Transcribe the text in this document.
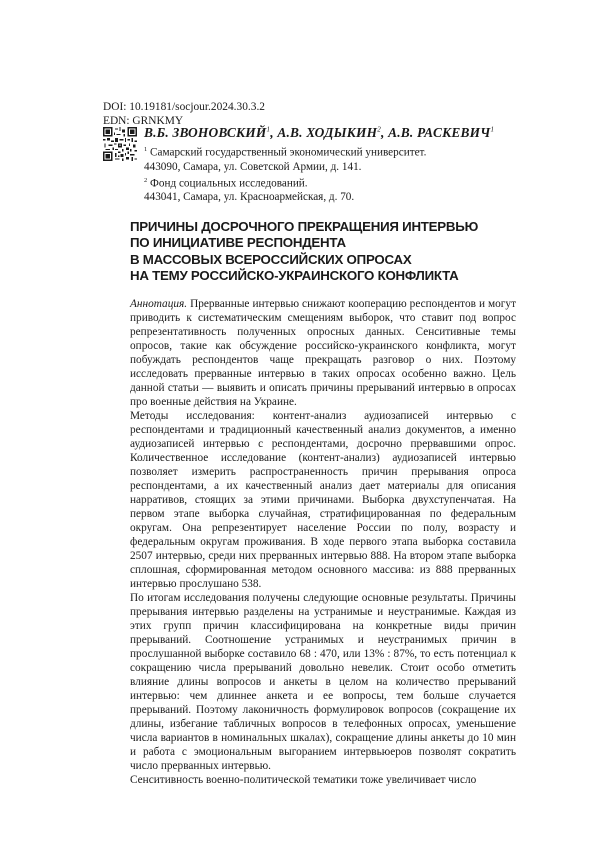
DOI: 10.19181/socjour.2024.30.3.2
EDN: GRNKMY
В.Б. ЗВОНОВСКИЙ$^1$, А.В. ХОДЫКИН$^2$, А.В. РАСКЕВИЧ$^1$

$^1$ Самарский государственный экономический университет.

443090, Самара, ул. Советской Армии, д. 141.

$^2$ Фонд социальных исследований.

443041, Самара, ул. Красноармейская, д. 70.

ПРИЧИНЫ ДОСРОЧНОГО ПРЕКРАЩЕНИЯ ИНТЕРВЬЮ
ПО ИНИЦИАТИВЕ РЕСПОНДЕНТА
В МАССОВЫХ ВСЕРОССИЙСКИХ ОПРОСАХ
НА ТЕМУ РОССИЙСКО-УКРАИНСКОГО КОНФЛИКТА

Аннотация. Прерванные интервью снижают кооперацию респондентов и могут приводить к систематическим смещениям выборок, что ставит под вопрос репрезентативность полученных опросных данных. Сенситивные темы опросов, такие как обсуждение российско-украинского конфликта, могут побуждать респондентов чаще прекращать разговор о них. Поэтому исследовать прерванные интервью в таких опросах особенно важно. Цель данной статьи — выявить и описать причины прерываний интервью в опросах про военные действия на Украине.

Методы исследования: контент-анализ аудиозаписей интервью с респондентами и традиционный качественный анализ документов, а именно аудиозаписей интервью с респондентами, досрочно прервавшими опрос. Количественное исследование (контент-анализ) аудиозаписей интервью позволяет измерить распространенность причин прерывания опроса респондентами, а их качественный анализ дает материалы для описания нарративов, стоящих за этими причинами. Выборка двухступенчатая. На первом этапе выборка случайная, стратифицированная по федеральным округам. Она репрезентирует население России по полу, возрасту и федеральным округам проживания. В ходе первого этапа выборка составила 2507 интервью, среди них прерванных интервью 888. На втором этапе выборка сплошная, сформированная методом основного массива: из 888 прерванных интервью прослушано 538.

По итогам исследования получены следующие основные результаты. Причины прерывания интервью разделены на устранимые и неустранимые. Каждая из этих групп причин классифицирована на конкретные виды причин прерываний. Соотношение устранимых и неустранимых причин в прослушанной выборке составило 68 : 470, или 13% : 87%, то есть потенциал к сокращению числа прерываний довольно невелик. Стоит особо отметить влияние длины вопросов и анкеты в целом на количество прерываний интервью: чем длиннее анкета и ее вопросы, тем больше случается прерываний. Поэтому лаконичность формулировок вопросов (сокращение их длины, избегание табличных вопросов в телефонных опросах, уменьшение числа вариантов в номинальных шкалах), сокращение длины анкеты до 10 мин и работа с эмоциональным выгоранием интервьюеров позволят сократить число прерванных интервью.

Сенситивность военно-политической тематики тоже увеличивает число
